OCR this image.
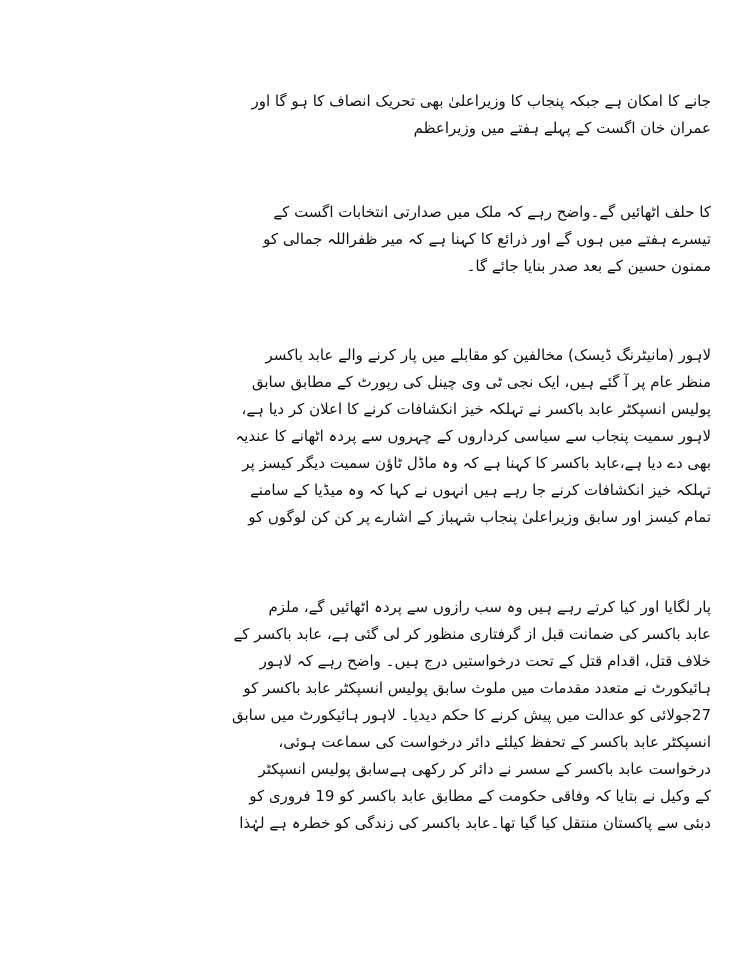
جانے کا امکان ہے جبکہ پنجاب کا وزیراعلیٰ بھی تحریک انصاف کا ہو گا اور
عمران خان اگست کے پہلے ہفتے میں وزیراعظم

کا حلف اٹھائیں گے۔واضح رہے کہ ملک میں صدارتی انتخابات اگست کے
تیسرے ہفتے میں ہوں گے اور ذرائع کا کہنا ہے کہ میر ظفراللہ جمالی کو
ممنون حسین کے بعد صدر بنایا جائے گا۔

لاہور (مانیٹرنگ ڈیسک) مخالفین کو مقابلے میں پار کرنے والے عابد باکسر
منظر عام پر آ گئے ہیں، ایک نجی ٹی وی چینل کی رپورٹ کے مطابق سابق
پولیس انسپکٹر عابد باکسر نے تہلکہ خیز انکشافات کرنے کا اعلان کر دیا ہے،
لاہور سمیت پنجاب سے سیاسی کرداروں کے چہروں سے پردہ اٹھانے کا عندیہ
بھی دے دیا ہے،عابد باکسر کا کہنا ہے کہ وہ ماڈل ٹاؤن سمیت دیگر کیسز پر
تہلکہ خیز انکشافات کرنے جا رہے ہیں انہوں نے کہا کہ وہ میڈیا کے سامنے
تمام کیسز اور سابق وزیراعلیٰ پنجاب شہباز کے اشارے پر کن کن لوگوں کو

پار لگایا اور کیا کرتے رہے ہیں وہ سب رازوں سے پردہ اٹھائیں گے، ملزم
عابد باکسر کی ضمانت قبل از گرفتاری منظور کر لی گئی ہے، عابد باکسر کے
خلاف قتل، اقدام قتل کے تحت درخواستیں درج ہیں۔ واضح رہے کہ لاہور
ہائیکورٹ نے متعدد مقدمات میں ملوث سابق پولیس انسپکٹر عابد باکسر کو
27جولائی کو عدالت میں پیش کرنے کا حکم دیدیا۔ لاہور ہائیکورٹ میں سابق
انسپکٹر عابد باکسر کے تحفظ کیلئے دائر درخواست کی سماعت ہوئی،
درخواست عابد باکسر کے سسر نے دائر کر رکھی ہےسابق پولیس انسپکٹر
کے وکیل نے بتایا کہ وفاقی حکومت کے مطابق عابد باکسر کو 19 فروری کو
دبئی سے پاکستان منتقل کیا گیا تھا۔عابد باکسر کی زندگی کو خطرہ ہے لہٰذا
